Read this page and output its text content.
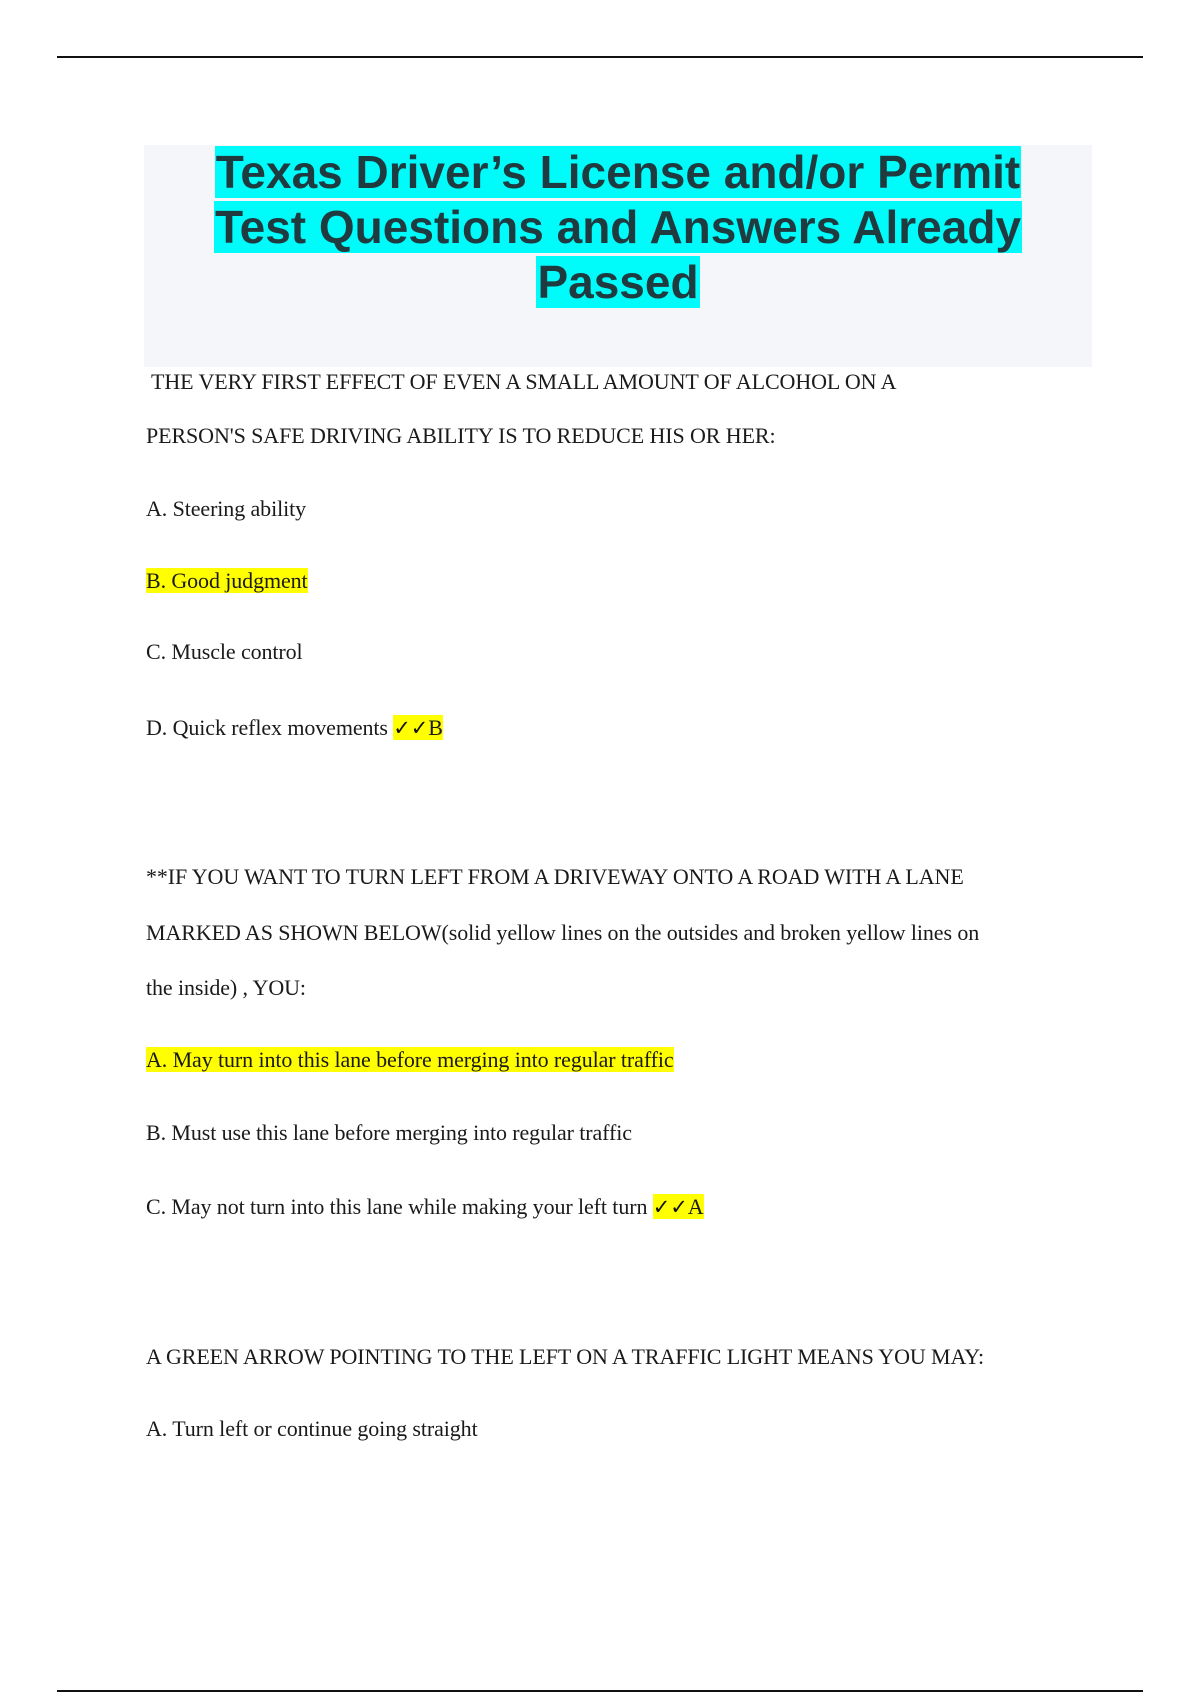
Texas Driver’s License and/or Permit
Test Questions and Answers Already
Passed
THE VERY FIRST EFFECT OF EVEN A SMALL AMOUNT OF ALCOHOL ON A
PERSON'S SAFE DRIVING ABILITY IS TO REDUCE HIS OR HER:
A. Steering ability
B. Good judgment
C. Muscle control
D. Quick reflex movements ✓✓B
**IF YOU WANT TO TURN LEFT FROM A DRIVEWAY ONTO A ROAD WITH A LANE
MARKED AS SHOWN BELOW(solid yellow lines on the outsides and broken yellow lines on
the inside) , YOU:
A. May turn into this lane before merging into regular traffic
B. Must use this lane before merging into regular traffic
C. May not turn into this lane while making your left turn ✓✓A
A GREEN ARROW POINTING TO THE LEFT ON A TRAFFIC LIGHT MEANS YOU MAY:
A. Turn left or continue going straight
